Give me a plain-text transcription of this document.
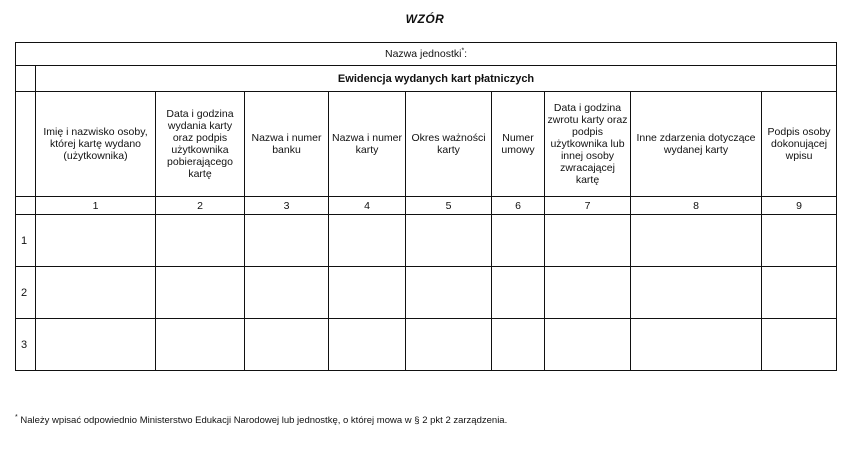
WZÓR
Nazwa jednostki*:									
	Ewidencja wydanych kart płatniczych								
	Imię i nazwisko osoby, której kartę wydano (użytkownika)	Data i godzina wydania karty oraz podpis użytkownika pobierającego kartę	Nazwa i numer banku	Nazwa i numer karty	Okres ważności karty	Numer umowy	Data i godzina zwrotu karty oraz podpis użytkownika lub innej osoby zwracającej kartę	Inne zdarzenia dotyczące wydanej karty	Podpis osoby dokonującej wpisu
	1	2	3	4	5	6	7	8	9
1									
2									
3									
* Należy wpisać odpowiednio Ministerstwo Edukacji Narodowej lub jednostkę, o której mowa w § 2 pkt 2 zarządzenia.
